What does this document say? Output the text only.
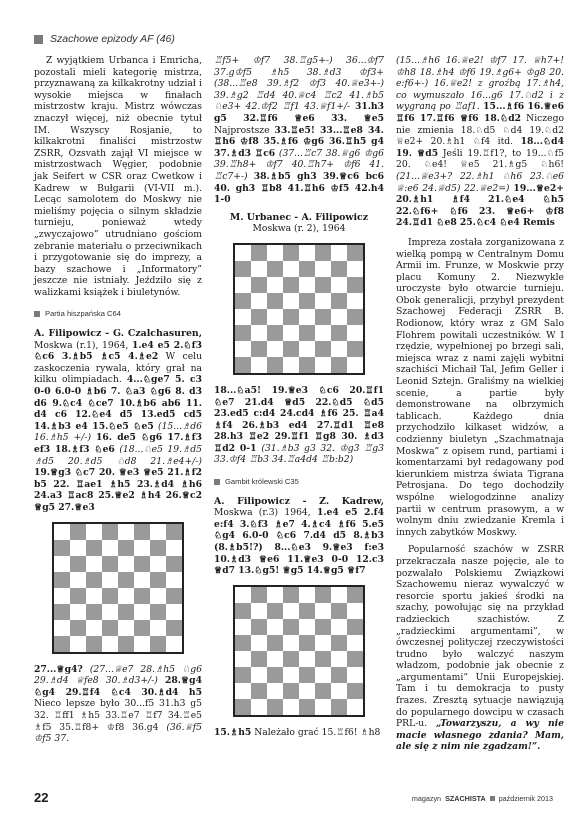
Szachowe epizody AF (46)

Z wyjątkiem Urbanca i Emricha, pozostali mieli kategorię mistrza, przyznawaną za kilkakrotny udział i wysokie miejsca w finałach mistrzostw kraju. Mistrz wówczas znaczył więcej, niż obecnie tytuł IM. Wszyscy Rosjanie, to kilkakrotni finaliści mistrzostw ZSRR, Ozsvath zajął VI miejsce w mistrzostwach Węgier, podobnie jak Seifert w CSR oraz Cwetkow i Kadrew w Bułgarii (VI-VII m.). Lecąc samolotem do Moskwy nie mieliśmy pojęcia o silnym składzie turnieju, ponieważ wtedy „zwyczajowo” utrudniano gościom zebranie materiału o przeciwnikach i przygotowanie się do imprezy, a bazy szachowe i „Informatory” jeszcze nie istniały. Jeździło się z walizkami książek i biuletynów.

Partia hiszpańska C64
A. Filipowicz - G. Czalchasuren, Moskwa (r.1), 1964, 1.e4 e5 2.♘f3 ♘c6 3.♗b5 ♗c5 4.♗e2 W celu zaskoczenia rywala, który grał na kilku olimpiadach. 4...♘ge7 5. c3 0-0 6.0-0 ♗b6 7. ♘a3 ♘g6 8. d3 d6 9.♘c4 ♘ce7 10.♗b6 ab6 11. d4 c6 12.♘e4 d5 13.ed5 cd5 14.♗b3 e4 15.♘e5 ♘e5 (15...♗d6 16.♗h5 +/-) 16. de5 ♘g6 17.♗f3 ef3 18.♗f3 ♘e6 (18...♘e5 19.♗d5 ♗d5 20.♗d5 ♘d8 21.♗e4+/-) 19.♕g3 ♘c7 20. ♕e3 ♕e5 21.♗f2 b5 22. ♖ae1 ♗h5 23.♗d4 ♗h6 24.a3 ♖ac8 25.♕e2 ♗h4 26.♕c2 ♕g5 27.♕e3
27...♕g4? (27...♕e7 28.♗h5 ♘g6 29.♗d4 ♕fe8 30.♗d3+/-) 28.♕g4 ♘g4 29.♖f4 ♘c4 30.♗d4 h5 Nieco lepsze było 30...f5 31.h3 g5 32. ♖ff1 ♗h5 33.♖e7 ♖f7 34.♖e5 ♗f5 35.♖f8+ ♔f8 36.g4 (36.♕f5 ♔f5 37.
♖f5+ ♔f7 38.♖g5+-) 36...♔f7 37.g♔f5 ♗h5 38.♗d3 ♔f3+ (38...♖e8 39.♗f2 ♔f3 40.♕e3+-) 39.♗g2 ♖d4 40.♕c4 ♖c2 41.♗b5 ♘e3+ 42.♔f2 ♖f1 43.♕f1+/- 31.h3 g5 32.♖f6 ♕e6 33. ♕e5 Najprostsze 33.♖e5! 33...♖e8 34. ♖h6 ♔f8 35.♗f6 ♔g6 36.♖h5 g4 37.♗d3 ♖c6 (37...♖c7 38.♕g6 ♔g6 39.♖h8+ ♔f7 40.♖h7+ ♔f6 41. ♖c7+-) 38.♗b5 gh3 39.♕c6 bc6 40. gh3 ♖b8 41.♖h6 ♔f5 42.h4 1-0
M. Urbanec - A. Filipowicz
Moskwa (r. 2), 1964
18...♘a5! 19.♕e3 ♘c6 20.♖f1 ♘e7 21.d4 ♕d5 22.♘d5 ♘d5 23.ed5 c:d4 24.cd4 ♗f6 25. ♖a4 ♗f4 26.♗b3 ed4 27.♖d1 ♖e8 28.h3 ♖e2 29.♖f1 ♖g8 30. ♗d3 ♖d2 0-1 (31.♗b3 g3 32. ♔g3 ♖g3 33.♔f4 ♖b3 34.♖a4d4 ♖b:b2)
Gambit królewski C35
A. Filipowicz - Z. Kadrew, Moskwa (r.3) 1964, 1.e4 e5 2.f4 e:f4 3.♘f3 ♗e7 4.♗c4 ♗f6 5.e5 ♘g4 6.0-0 ♘c6 7.d4 d5 8.♗b3 (8.♗b5!?) 8...♘e3 9.♕e3 f:e3 10.♗d3 ♕e6 11.♕e3 0-0 12.c3 ♕d7 13.♘g5! ♕g5 14.♕g5 ♕f7
15.♗h5 Należało grać 15.♖f6! ♗h8
(15...♗h6 16.♕e2! ♔f7 17. ♕h7+! ♔h8 18.♗h4 ♔f6 19.♗g6+ ♔g8 20. e:f6+-) 16.♕e2! z groźbą 17.♗h4, co wymuszało 16...g6 17.♘d2 i z wygraną po ♖af1. 15...♗f6 16.♕e6 ♖f6 17.♖f6 ♕f6 18.♘d2 Niczego nie zmienia 18.♘d5 ♘d4 19.♘d2 ♕e2+ 20.♗h1 ♘f4 itd. 18...♘d4 19. ♕d5 Jeśli 19.♖f1?, to 19...♘f5 20. ♘e4! ♕e5 21.♗g5 ♘h6! (21...♕e3+? 22.♗h1 ♘h6 23.♘e6 ♕:e6 24.♕d5) 22.♕e2=) 19...♕e2+ 20.♗h1 ♗f4 21.♘e4 ♘h5 22.♘f6+ ♘f6 23. ♕e6+ ♔f8 24.♖d1 ♘e8 25.♘c4 ♘e4 Remis

Impreza została zorganizowana z wielką pompą w Centralnym Domu Armii im. Frunze, w Moskwie przy placu Komuny 2. Niezwykle uroczyste było otwarcie turnieju. Obok generalicji, przybył prezydent Szachowej Federacji ZSRR B. Rodionow, który wraz z GM Salo Flohrem powitali uczestników. W I rzędzie, wypełnionej po brzegi sali, miejsca wraz z nami zajęli wybitni szachiści Michaił Tal, Jefim Geller i Leonid Sztejn. Graliśmy na wielkiej scenie, a partie były demonstrowane na olbrzymich tablicach. Każdego dnia przychodziło kilkaset widzów, a codzienny biuletyn „Szachmatnaja Moskwa” z opisem rund, partiami i komentarzami był redagowany pod kierunkiem mistrza świata Tigrana Petrosjana. Do tego dochodziły wspólne wielogodzinne analizy partii w centrum prasowym, a w wolnym dniu zwiedzanie Kremla i innych zabytków Moskwy.

Popularność szachów w ZSRR przekraczała nasze pojęcie, ale to pozwalało Polskiemu Związkowi Szachowemu nieraz wywalczyć w resorcie sportu jakieś środki na szachy, powołując się na przykład radzieckich szachistów. Z „radzieckimi argumentami”, w ówczesnej polityczej rzeczywistości trudno było walczyć naszym władzom, podobnie jak obecnie z „argumentami” Unii Europejskiej. Tam i tu demokracja to pusty frazes. Zresztą sytuacje nawiązują do popularnego dowcipu w czasach PRL-u. „Towarzyszu, a wy nie macie własnego zdania? Mam, ale się z nim nie zgadzam!”.

22	magazyn SZACHISTA październik 2013
